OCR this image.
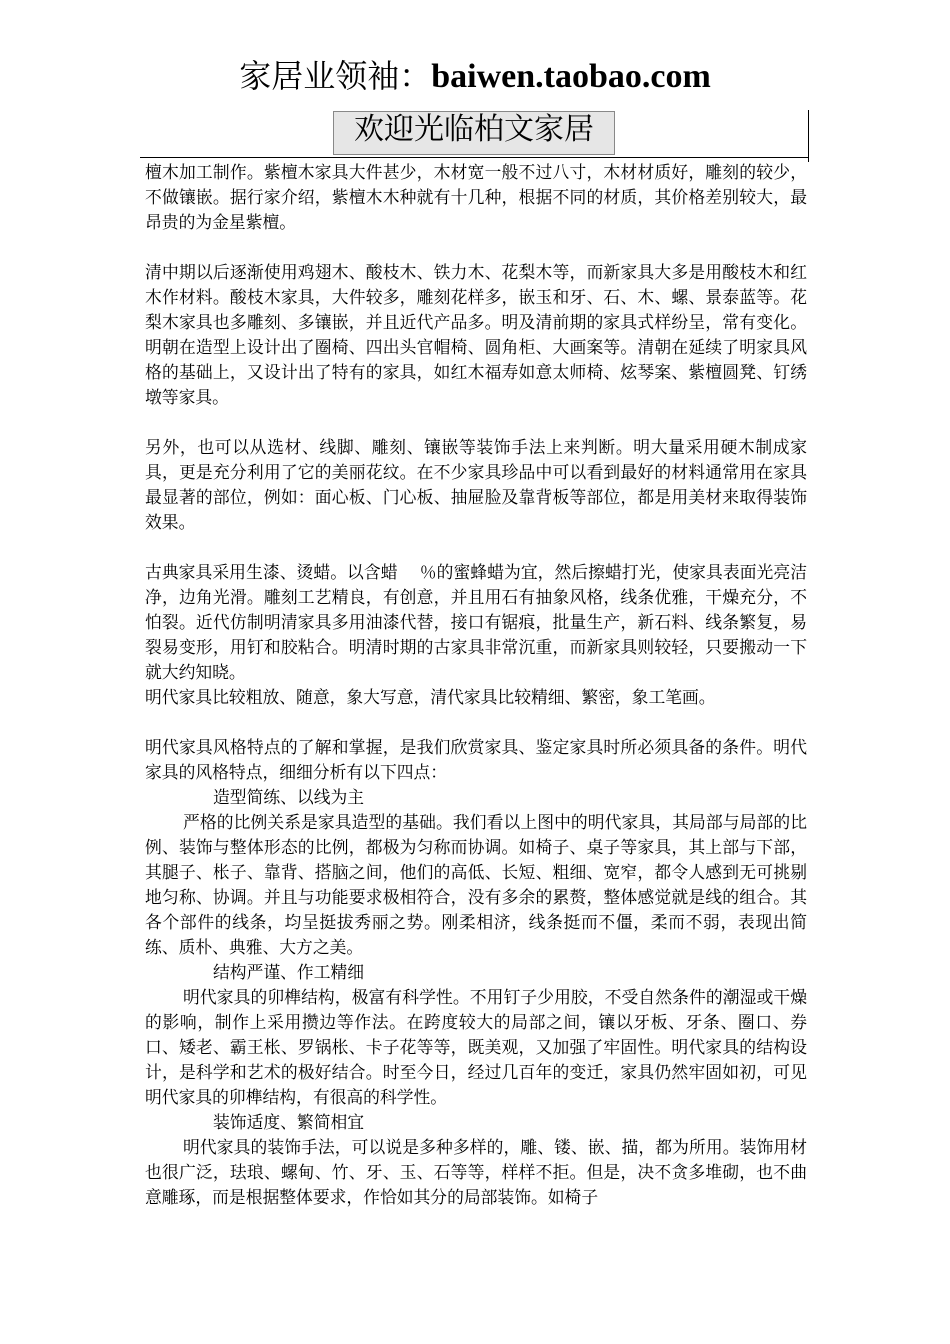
家居业领袖：baiwen.taobao.com
欢迎光临柏文家居

檀木加工制作。紫檀木家具大件甚少，木材宽一般不过八寸，木材材质好，雕刻的较少，不做镶嵌。据行家介绍，紫檀木木种就有十几种，根据不同的材质，其价格差别较大，最昂贵的为金星紫檀。

清中期以后逐渐使用鸡翅木、酸枝木、铁力木、花梨木等，而新家具大多是用酸枝木和红木作材料。酸枝木家具，大件较多，雕刻花样多，嵌玉和牙、石、木、螺、景泰蓝等。花梨木家具也多雕刻、多镶嵌，并且近代产品多。明及清前期的家具式样纷呈，常有变化。明朝在造型上设计出了圈椅、四出头官帽椅、圆角柜、大画案等。清朝在延续了明家具风格的基础上，又设计出了特有的家具，如红木福寿如意太师椅、炫琴案、紫檀圆凳、钉绣墩等家具。

另外，也可以从选材、线脚、雕刻、镶嵌等装饰手法上来判断。明大量采用硬木制成家具，更是充分利用了它的美丽花纹。在不少家具珍品中可以看到最好的材料通常用在家具最显著的部位，例如：面心板、门心板、抽屉脸及靠背板等部位，都是用美材来取得装饰效果。

古典家具采用生漆、烫蜡。以含蜡　 ％的蜜蜂蜡为宜，然后擦蜡打光，使家具表面光亮洁净，边角光滑。雕刻工艺精良，有创意，并且用石有抽象风格，线条优雅，干燥充分，不怕裂。近代仿制明清家具多用油漆代替，接口有锯痕，批量生产，新石料、线条繁复，易裂易变形，用钉和胶粘合。明清时期的古家具非常沉重，而新家具则较轻，只要搬动一下就大约知晓。

明代家具比较粗放、随意，象大写意，清代家具比较精细、繁密，象工笔画。

明代家具风格特点的了解和掌握，是我们欣赏家具、鉴定家具时所必须具备的条件。明代家具的风格特点，细细分析有以下四点：

造型简练、以线为主

严格的比例关系是家具造型的基础。我们看以上图中的明代家具，其局部与局部的比例、装饰与整体形态的比例，都极为匀称而协调。如椅子、桌子等家具，其上部与下部，其腿子、枨子、靠背、搭脑之间，他们的高低、长短、粗细、宽窄，都令人感到无可挑剔地匀称、协调。并且与功能要求极相符合，没有多余的累赘，整体感觉就是线的组合。其各个部件的线条，均呈挺拔秀丽之势。刚柔相济，线条挺而不僵，柔而不弱，表现出简练、质朴、典雅、大方之美。

结构严谨、作工精细

明代家具的卯榫结构，极富有科学性。不用钉子少用胶，不受自然条件的潮湿或干燥的影响，制作上采用攒边等作法。在跨度较大的局部之间，镶以牙板、牙条、圈口、券口、矮老、霸王枨、罗锅枨、卡子花等等，既美观，又加强了牢固性。明代家具的结构设计，是科学和艺术的极好结合。时至今日，经过几百年的变迁，家具仍然牢固如初，可见明代家具的卯榫结构，有很高的科学性。

装饰适度、繁简相宜

明代家具的装饰手法，可以说是多种多样的，雕、镂、嵌、描，都为所用。装饰用材也很广泛，珐琅、螺甸、竹、牙、玉、石等等，样样不拒。但是，决不贪多堆砌，也不曲意雕琢，而是根据整体要求，作恰如其分的局部装饰。如椅子
